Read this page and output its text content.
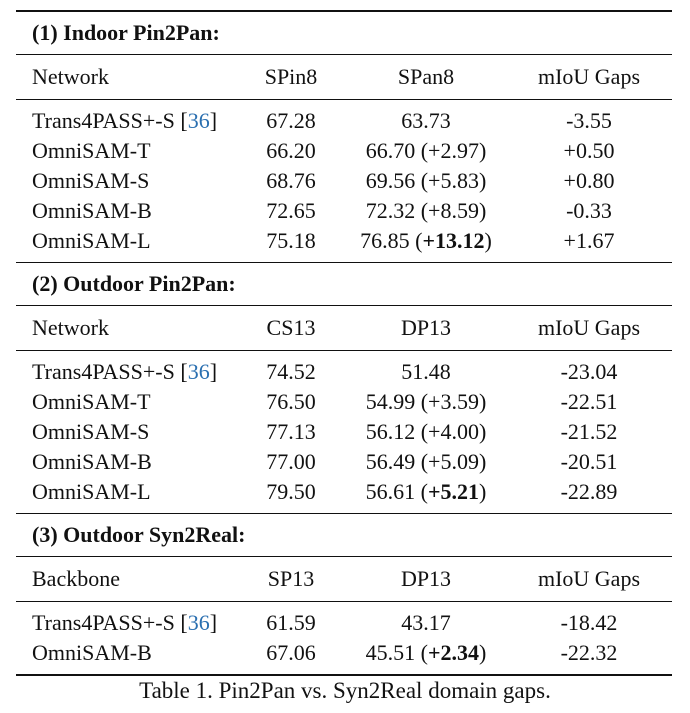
(1) Indoor Pin2Pan:
Network	SPin8	SPan8	mIoU Gaps
Trans4PASS+-S [36]	67.28	63.73	-3.55
OmniSAM-T	66.20	66.70 (+2.97)	+0.50
OmniSAM-S	68.76	69.56 (+5.83)	+0.80
OmniSAM-B	72.65	72.32 (+8.59)	-0.33
OmniSAM-L	75.18	76.85 (+13.12)	+1.67
(2) Outdoor Pin2Pan:
Network	CS13	DP13	mIoU Gaps
Trans4PASS+-S [36]	74.52	51.48	-23.04
OmniSAM-T	76.50	54.99 (+3.59)	-22.51
OmniSAM-S	77.13	56.12 (+4.00)	-21.52
OmniSAM-B	77.00	56.49 (+5.09)	-20.51
OmniSAM-L	79.50	56.61 (+5.21)	-22.89
(3) Outdoor Syn2Real:
Backbone	SP13	DP13	mIoU Gaps
Trans4PASS+-S [36]	61.59	43.17	-18.42
OmniSAM-B	67.06	45.51 (+2.34)	-22.32
Table 1. Pin2Pan vs. Syn2Real domain gaps.
